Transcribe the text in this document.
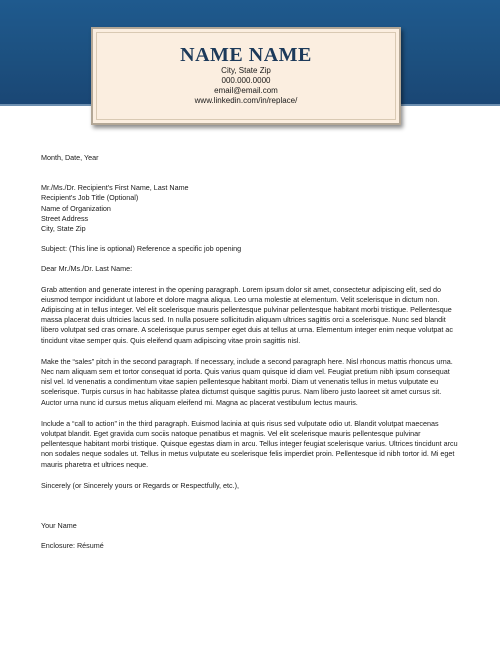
NAME NAME
City, State Zip
000.000.0000
email@email.com
www.linkedin.com/in/replace/

Month, Date, Year

Mr./Ms./Dr. Recipient's First Name, Last Name

Recipient's Job Title (Optional)

Name of Organization

Street Address

City, State Zip

Subject: (This line is optional) Reference a specific job opening

Dear Mr./Ms./Dr. Last Name:

Grab attention and generate interest in the opening paragraph. Lorem ipsum dolor sit amet, consectetur adipiscing elit, sed do eiusmod tempor incididunt ut labore et dolore magna aliqua. Leo urna molestie at elementum. Velit scelerisque in dictum non. Adipiscing at in tellus integer. Vel elit scelerisque mauris pellentesque pulvinar pellentesque habitant morbi tristique. Pellentesque massa placerat duis ultricies lacus sed. In nulla posuere sollicitudin aliquam ultrices sagittis orci a scelerisque. Nunc sed blandit libero volutpat sed cras ornare. A scelerisque purus semper eget duis at tellus at urna. Elementum integer enim neque volutpat ac tincidunt vitae semper quis. Quis eleifend quam adipiscing vitae proin sagittis nisl.

Make the “sales” pitch in the second paragraph. If necessary, include a second paragraph here. Nisl rhoncus mattis rhoncus urna. Nec nam aliquam sem et tortor consequat id porta. Quis varius quam quisque id diam vel. Feugiat pretium nibh ipsum consequat nisl vel. Id venenatis a condimentum vitae sapien pellentesque habitant morbi. Diam ut venenatis tellus in metus vulputate eu scelerisque. Turpis cursus in hac habitasse platea dictumst quisque sagittis purus. Nam libero justo laoreet sit amet cursus sit. Auctor urna nunc id cursus metus aliquam eleifend mi. Magna ac placerat vestibulum lectus mauris.

Include a “call to action” in the third paragraph. Euismod lacinia at quis risus sed vulputate odio ut. Blandit volutpat maecenas volutpat blandit. Eget gravida cum sociis natoque penatibus et magnis. Vel elit scelerisque mauris pellentesque pulvinar pellentesque habitant morbi tristique. Quisque egestas diam in arcu. Tellus integer feugiat scelerisque varius. Ultrices tincidunt arcu non sodales neque sodales ut. Tellus in metus vulputate eu scelerisque felis imperdiet proin. Pellentesque id nibh tortor id. Mi eget mauris pharetra et ultrices neque.

Sincerely (or Sincerely yours or Regards or Respectfully, etc.),

Your Name

Enclosure: Résumé
